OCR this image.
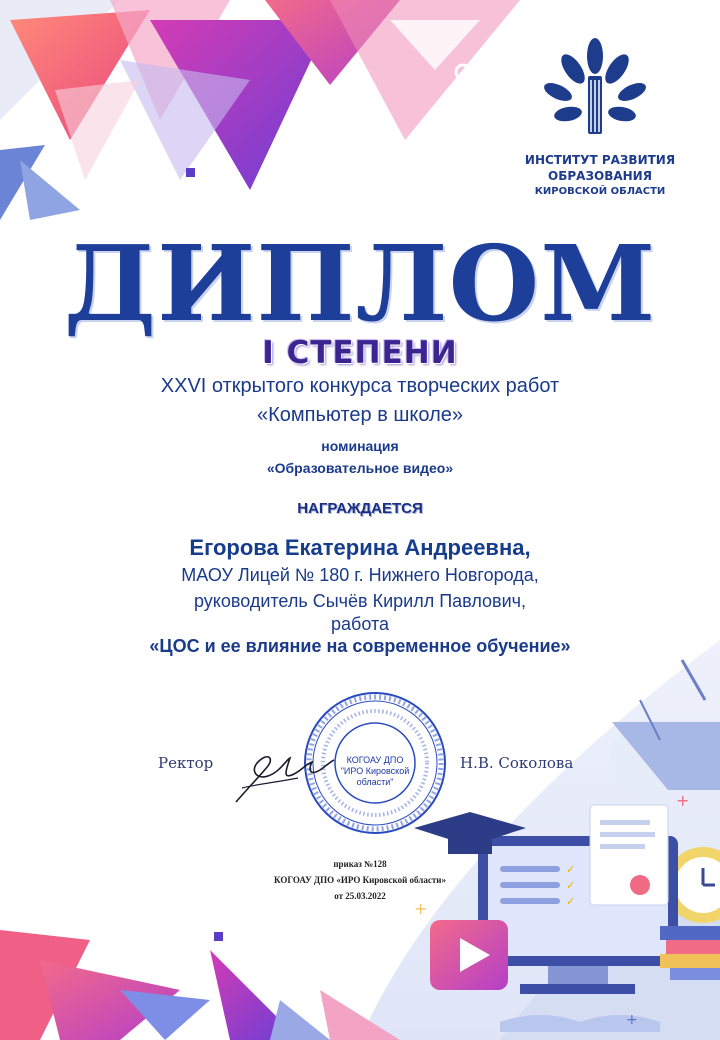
✓
✓
✓
+
+
+
ИНСТИТУТ РАЗВИТИЯ
ОБРАЗОВАНИЯ
КИРОВСКОЙ ОБЛАСТИ
ДИПЛОМ
I СТЕПЕНИ
XXVI открытого конкурса творческих работ
«Компьютер в школе»
номинация
«Образовательное видео»
НАГРАЖДАЕТСЯ
Егорова Екатерина Андреевна,
МАОУ Лицей № 180 г. Нижнего Новгорода,
руководитель Сычёв Кирилл Павлович,
работа
«ЦОС и ее влияние на современное обучение»
КОГОАУ ДПО
"ИРО Кировской
области"
Ректор	Н.В. Соколова
приказ №128
КОГОАУ ДПО «ИРО Кировской области»
от 25.03.2022
